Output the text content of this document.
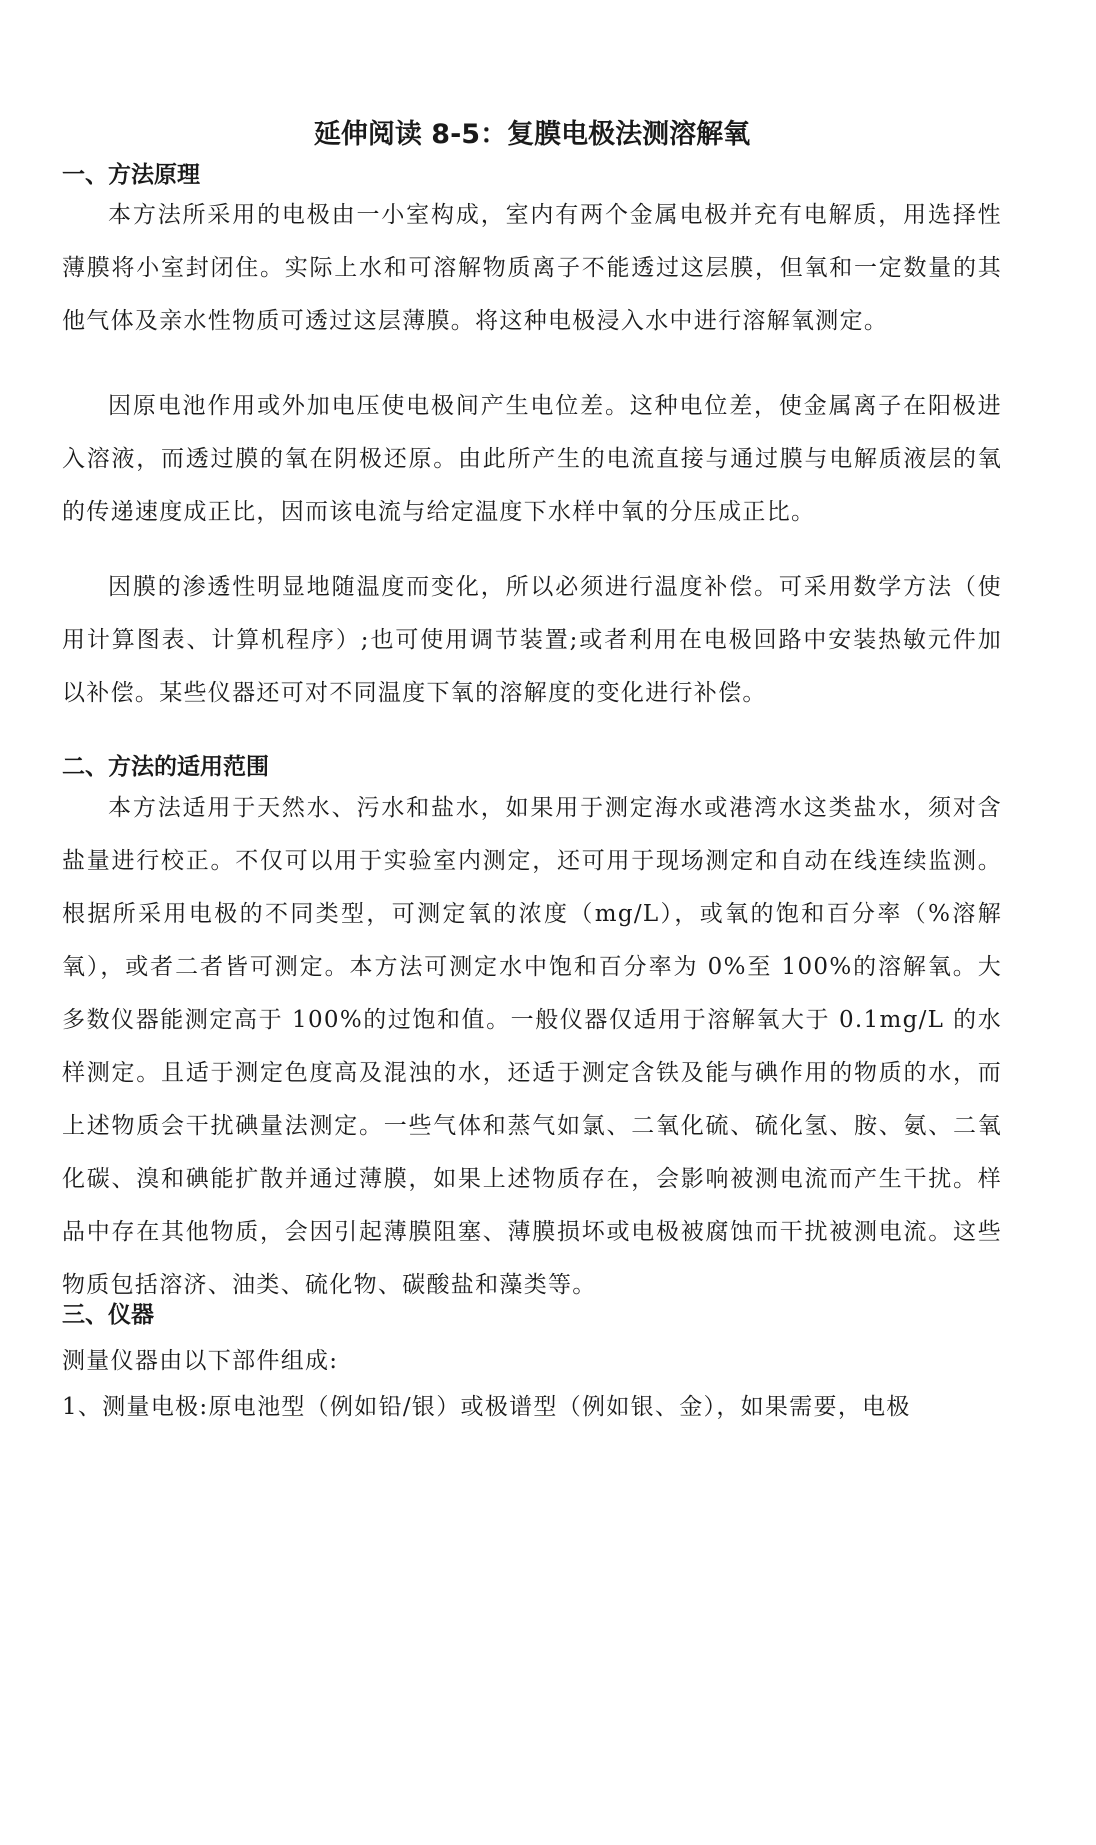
延伸阅读 8-5：复膜电极法测溶解氧
一、方法原理

本方法所采用的电极由一小室构成，室内有两个金属电极并充有电解质，用选择性薄膜将小室封闭住。实际上水和可溶解物质离子不能透过这层膜，但氧和一定数量的其他气体及亲水性物质可透过这层薄膜。将这种电极浸入水中进行溶解氧测定。

因原电池作用或外加电压使电极间产生电位差。这种电位差，使金属离子在阳极进入溶液，而透过膜的氧在阴极还原。由此所产生的电流直接与通过膜与电解质液层的氧的传递速度成正比，因而该电流与给定温度下水样中氧的分压成正比。

因膜的渗透性明显地随温度而变化，所以必须进行温度补偿。可采用数学方法（使用计算图表、计算机程序）;也可使用调节装置;或者利用在电极回路中安装热敏元件加以补偿。某些仪器还可对不同温度下氧的溶解度的变化进行补偿。

二、方法的适用范围

本方法适用于天然水、污水和盐水，如果用于测定海水或港湾水这类盐水，须对含盐量进行校正。不仅可以用于实验室内测定，还可用于现场测定和自动在线连续监测。根据所采用电极的不同类型，可测定氧的浓度（mg/L），或氧的饱和百分率（%溶解氧），或者二者皆可测定。本方法可测定水中饱和百分率为 0%至 100%的溶解氧。大多数仪器能测定高于 100%的过饱和值。一般仪器仅适用于溶解氧大于 0.1mg/L 的水样测定。且适于测定色度高及混浊的水，还适于测定含铁及能与碘作用的物质的水，而上述物质会干扰碘量法测定。一些气体和蒸气如氯、二氧化硫、硫化氢、胺、氨、二氧化碳、溴和碘能扩散并通过薄膜，如果上述物质存在，会影响被测电流而产生干扰。样品中存在其他物质，会因引起薄膜阻塞、薄膜损坏或电极被腐蚀而干扰被测电流。这些物质包括溶济、油类、硫化物、碳酸盐和藻类等。

三、仪器

测量仪器由以下部件组成:

1、测量电极:原电池型（例如铅/银）或极谱型（例如银、金），如果需要，电极
